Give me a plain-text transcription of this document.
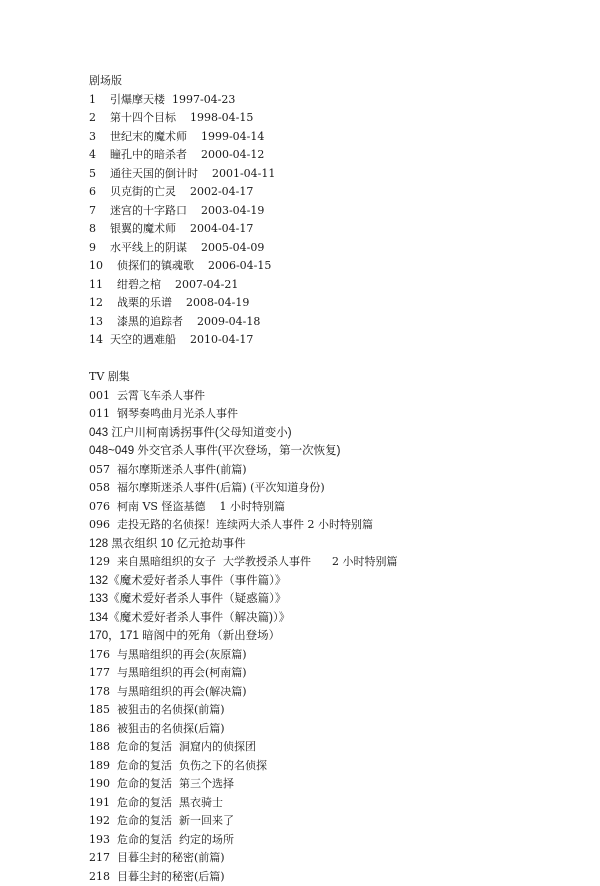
剧场版
1    引爆摩天楼  1997-04-23
2    第十四个目标    1998-04-15
3    世纪末的魔术师    1999-04-14
4    瞳孔中的暗杀者    2000-04-12
5    通往天国的倒计时    2001-04-11
6    贝克街的亡灵    2002-04-17
7    迷宫的十字路口    2003-04-19
8    银翼的魔术师    2004-04-17
9    水平线上的阴谋    2005-04-09
10    侦探们的镇魂歌    2006-04-15
11    绀碧之棺    2007-04-21
12    战栗的乐谱    2008-04-19
13    漆黑的追踪者    2009-04-18
14  天空的遇难船    2010-04-17
TV 剧集
001  云霄飞车杀人事件
011  钢琴奏鸣曲月光杀人事件
043 江户川柯南诱拐事件(父母知道变小)
048~049 外交官杀人事件(平次登场，第一次恢复)
057  福尔摩斯迷杀人事件(前篇)
058  福尔摩斯迷杀人事件(后篇) (平次知道身份)
076  柯南 VS 怪盗基德    1 小时特别篇
096  走投无路的名侦探！连续两大杀人事件 2 小时特别篇
128 黑衣组织 10 亿元抢劫事件
129  来自黑暗组织的女子  大学教授杀人事件      2 小时特别篇
132《魔术爱好者杀人事件（事件篇）》
133《魔术爱好者杀人事件（疑惑篇）》
134《魔术爱好者杀人事件（解决篇)）》
170，171 暗阁中的死角（新出登场）
176  与黑暗组织的再会(灰原篇)
177  与黑暗组织的再会(柯南篇)
178  与黑暗组织的再会(解决篇)
185  被狙击的名侦探(前篇)
186  被狙击的名侦探(后篇)
188  危命的复活  洞窟内的侦探团
189  危命的复活  负伤之下的名侦探
190  危命的复活  第三个选择
191  危命的复活  黑衣骑士
192  危命的复活  新一回来了
193  危命的复活  约定的场所
217  目暮尘封的秘密(前篇)
218  目暮尘封的秘密(后篇)
